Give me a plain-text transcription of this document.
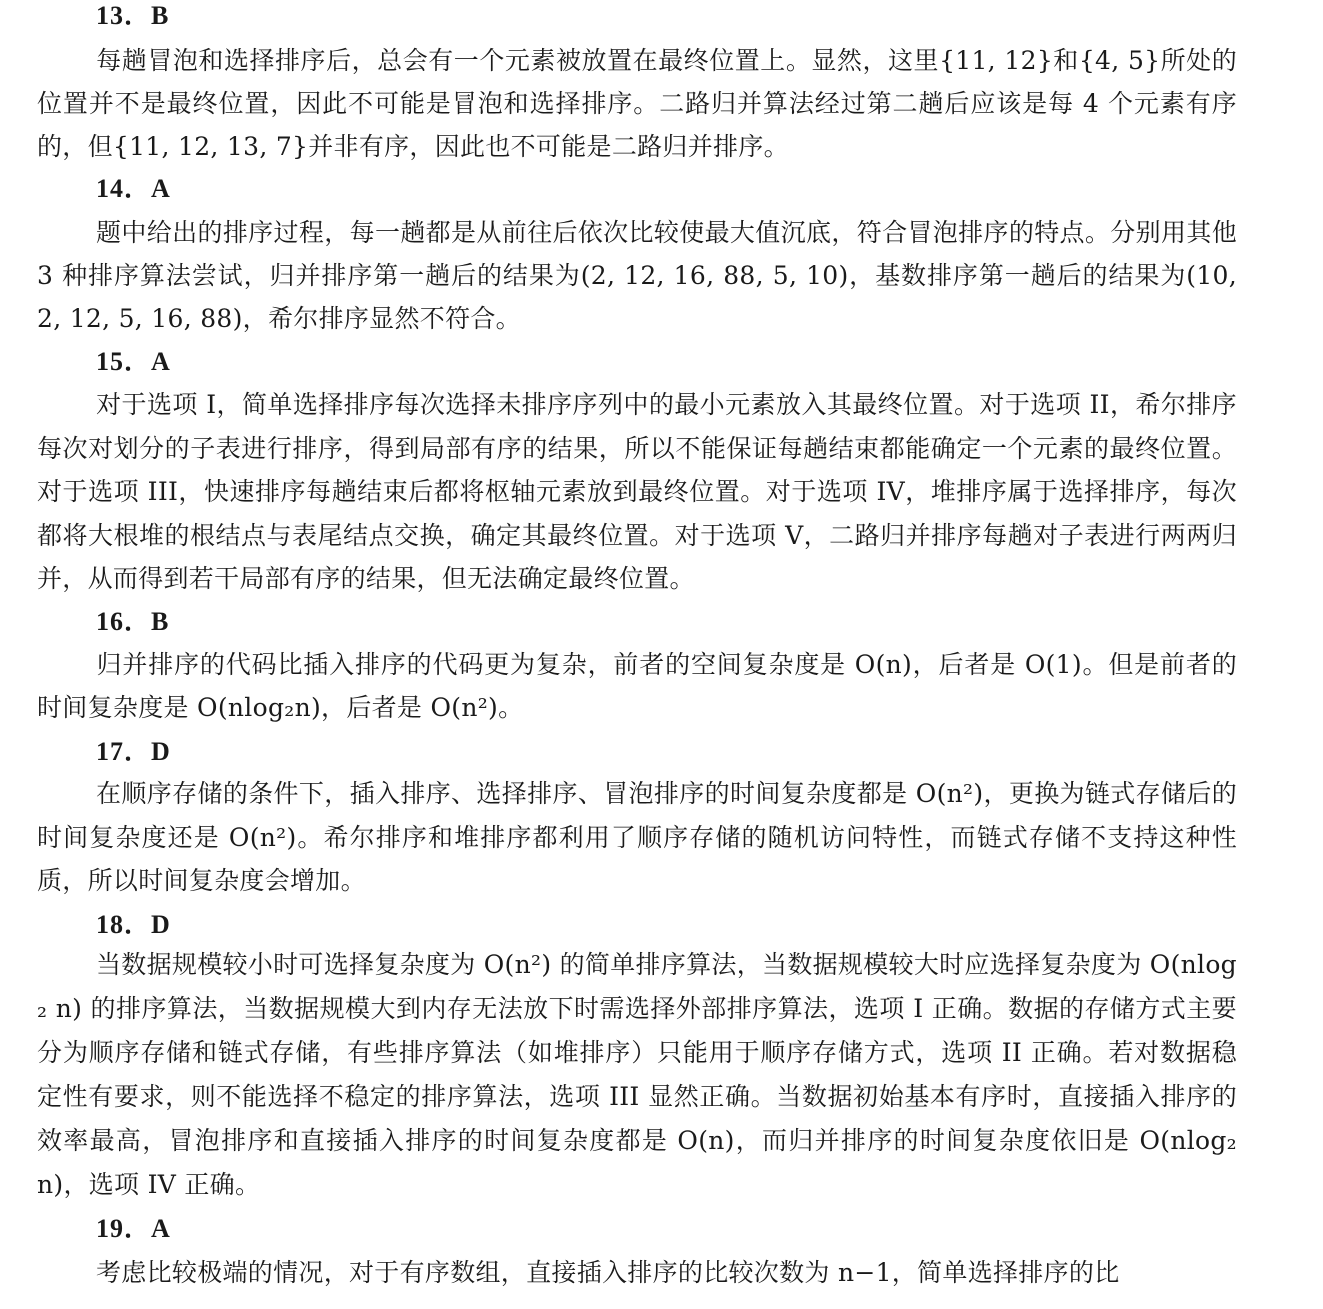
13．B
每趟冒泡和选择排序后，总会有一个元素被放置在最终位置上。显然，这里{11, 12}和{4, 5}所处的位置并不是最终位置，因此不可能是冒泡和选择排序。二路归并算法经过第二趟后应该是每 4 个元素有序的，但{11, 12, 13, 7}并非有序，因此也不可能是二路归并排序。
14．A
题中给出的排序过程，每一趟都是从前往后依次比较使最大值沉底，符合冒泡排序的特点。分别用其他 3 种排序算法尝试，归并排序第一趟后的结果为(2, 12, 16, 88, 5, 10)，基数排序第一趟后的结果为(10, 2, 12, 5, 16, 88)，希尔排序显然不符合。
15．A
对于选项 I，简单选择排序每次选择未排序序列中的最小元素放入其最终位置。对于选项 II，希尔排序每次对划分的子表进行排序，得到局部有序的结果，所以不能保证每趟结束都能确定一个元素的最终位置。对于选项 III，快速排序每趟结束后都将枢轴元素放到最终位置。对于选项 IV，堆排序属于选择排序，每次都将大根堆的根结点与表尾结点交换，确定其最终位置。对于选项 V，二路归并排序每趟对子表进行两两归并，从而得到若干局部有序的结果，但无法确定最终位置。
16．B
归并排序的代码比插入排序的代码更为复杂，前者的空间复杂度是 O(n)，后者是 O(1)。但是前者的时间复杂度是 O(nlog₂n)，后者是 O(n²)。
17．D
在顺序存储的条件下，插入排序、选择排序、冒泡排序的时间复杂度都是 O(n²)，更换为链式存储后的时间复杂度还是 O(n²)。希尔排序和堆排序都利用了顺序存储的随机访问特性，而链式存储不支持这种性质，所以时间复杂度会增加。
18．D
当数据规模较小时可选择复杂度为 O(n²) 的简单排序算法，当数据规模较大时应选择复杂度为 O(nlog₂ n) 的排序算法，当数据规模大到内存无法放下时需选择外部排序算法，选项 I 正确。数据的存储方式主要分为顺序存储和链式存储，有些排序算法（如堆排序）只能用于顺序存储方式，选项 II 正确。若对数据稳定性有要求，则不能选择不稳定的排序算法，选项 III 显然正确。当数据初始基本有序时，直接插入排序的效率最高，冒泡排序和直接插入排序的时间复杂度都是 O(n)，而归并排序的时间复杂度依旧是 O(nlog₂ n)，选项 IV 正确。
19．A
考虑比较极端的情况，对于有序数组，直接插入排序的比较次数为 n−1，简单选择排序的比
